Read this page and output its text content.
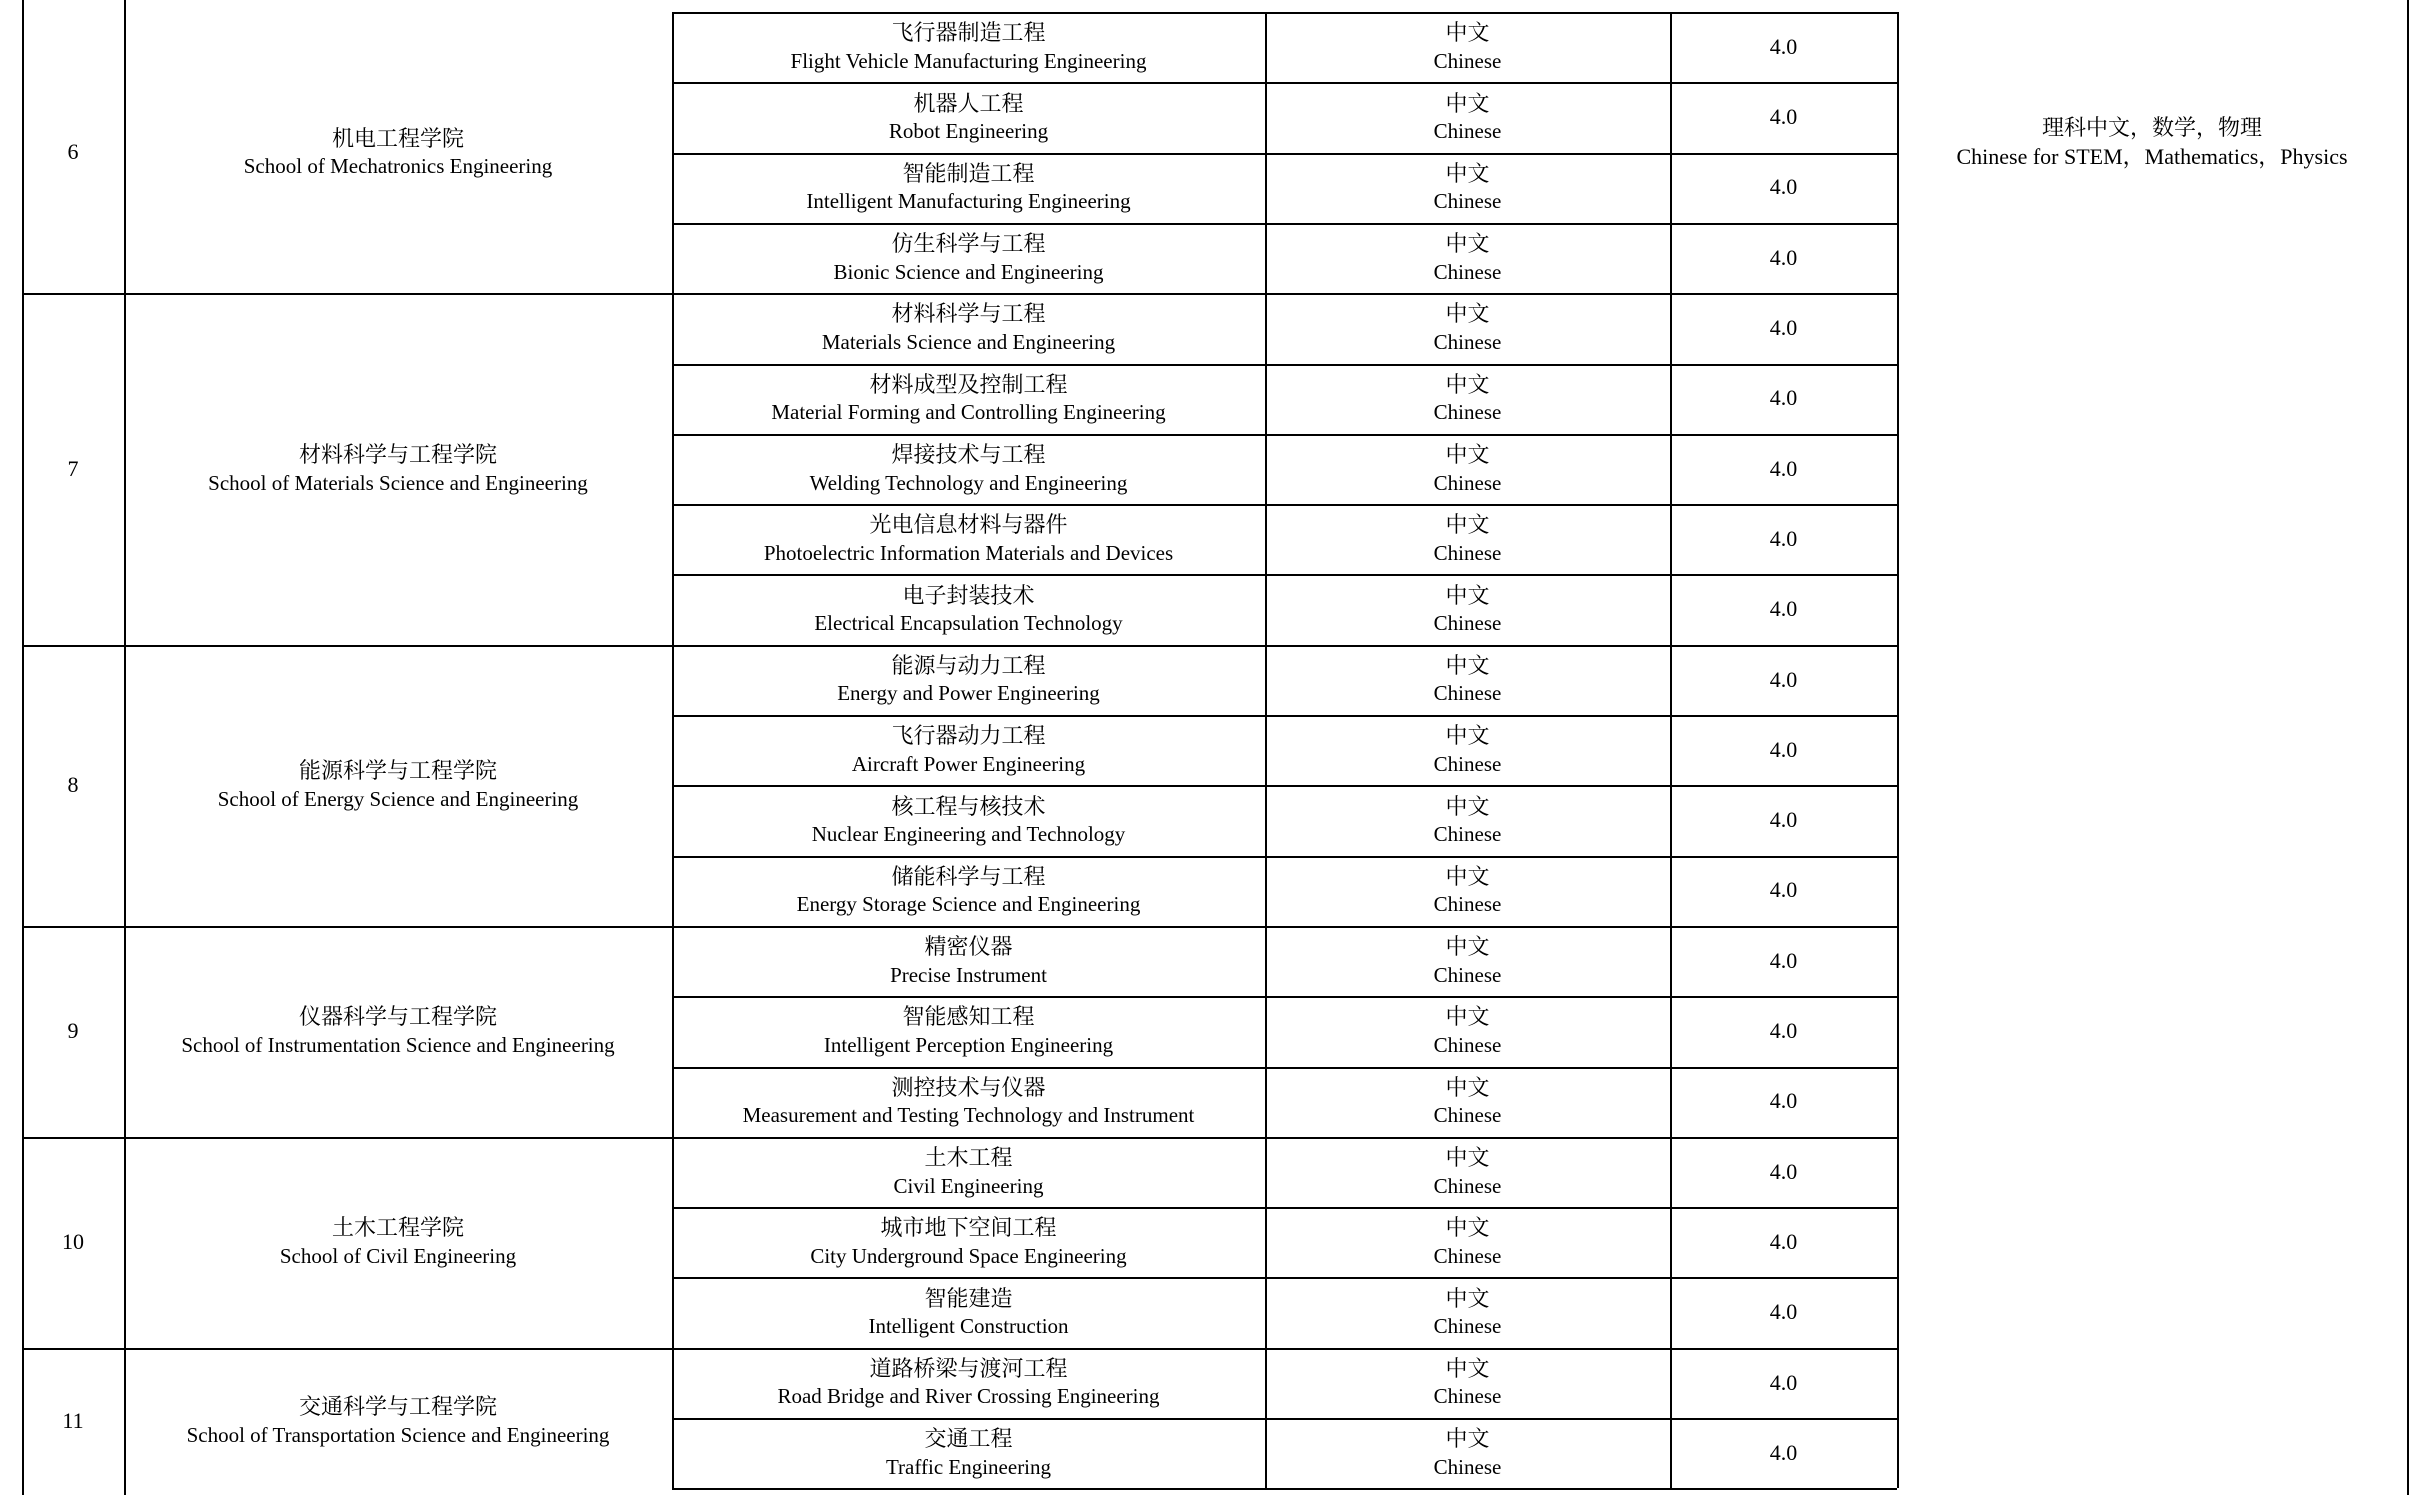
6
机电工程学院
School of Mechatronics Engineering
飞行器制造工程
Flight Vehicle Manufacturing Engineering
中文
Chinese
4.0
机器人工程
Robot Engineering
中文
Chinese
4.0
智能制造工程
Intelligent Manufacturing Engineering
中文
Chinese
4.0
仿生科学与工程
Bionic Science and Engineering
中文
Chinese
4.0
7
材料科学与工程学院
School of Materials Science and Engineering
材料科学与工程
Materials Science and Engineering
中文
Chinese
4.0
材料成型及控制工程
Material Forming and Controlling Engineering
中文
Chinese
4.0
焊接技术与工程
Welding Technology and Engineering
中文
Chinese
4.0
光电信息材料与器件
Photoelectric Information Materials and Devices
中文
Chinese
4.0
电子封装技术
Electrical Encapsulation Technology
中文
Chinese
4.0
8
能源科学与工程学院
School of Energy Science and Engineering
能源与动力工程
Energy and Power Engineering
中文
Chinese
4.0
飞行器动力工程
Aircraft Power Engineering
中文
Chinese
4.0
核工程与核技术
Nuclear Engineering and Technology
中文
Chinese
4.0
储能科学与工程
Energy Storage Science and Engineering
中文
Chinese
4.0
9
仪器科学与工程学院
School of Instrumentation Science and Engineering
精密仪器
Precise Instrument
中文
Chinese
4.0
智能感知工程
Intelligent Perception Engineering
中文
Chinese
4.0
测控技术与仪器
Measurement and Testing Technology and Instrument
中文
Chinese
4.0
10
土木工程学院
School of Civil Engineering
土木工程
Civil Engineering
中文
Chinese
4.0
城市地下空间工程
City Underground Space Engineering
中文
Chinese
4.0
智能建造
Intelligent Construction
中文
Chinese
4.0
11
交通科学与工程学院
School of Transportation Science and Engineering
道路桥梁与渡河工程
Road Bridge and River Crossing Engineering
中文
Chinese
4.0
交通工程
Traffic Engineering
中文
Chinese
4.0
理科中文，数学，物理
Chinese for STEM，Mathematics，Physics
